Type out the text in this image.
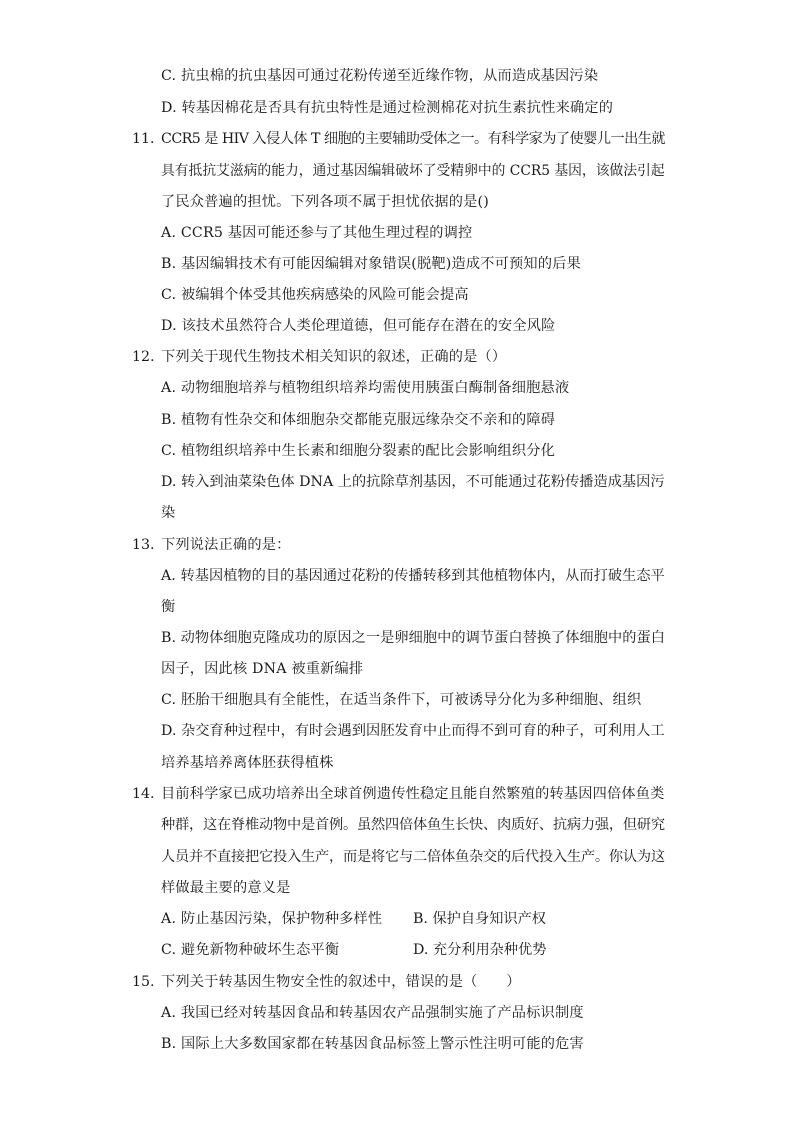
C. 抗虫棉的抗虫基因可通过花粉传递至近缘作物，从而造成基因污染
D. 转基因棉花是否具有抗虫特性是通过检测棉花对抗生素抗性来确定的
11. CCR5 是 HIV 入侵人体 T 细胞的主要辅助受体之一。有科学家为了使婴儿一出生就
具有抵抗艾滋病的能力，通过基因编辑破坏了受精卵中的 CCR5 基因，该做法引起
了民众普遍的担忧。下列各项不属于担忧依据的是()
A. CCR5 基因可能还参与了其他生理过程的调控
B. 基因编辑技术有可能因编辑对象错误(脱靶)造成不可预知的后果
C. 被编辑个体受其他疾病感染的风险可能会提高
D. 该技术虽然符合人类伦理道德，但可能存在潜在的安全风险
12. 下列关于现代生物技术相关知识的叙述，正确的是（）
A. 动物细胞培养与植物组织培养均需使用胰蛋白酶制备细胞悬液
B. 植物有性杂交和体细胞杂交都能克服远缘杂交不亲和的障碍
C. 植物组织培养中生长素和细胞分裂素的配比会影响组织分化
D. 转入到油菜染色体 DNA 上的抗除草剂基因，不可能通过花粉传播造成基因污
染
13. 下列说法正确的是：
A. 转基因植物的目的基因通过花粉的传播转移到其他植物体内，从而打破生态平
衡
B. 动物体细胞克隆成功的原因之一是卵细胞中的调节蛋白替换了体细胞中的蛋白
因子，因此核 DNA 被重新编排
C. 胚胎干细胞具有全能性，在适当条件下，可被诱导分化为多种细胞、组织
D. 杂交育种过程中，有时会遇到因胚发育中止而得不到可育的种子，可利用人工
培养基培养离体胚获得植株
14. 目前科学家已成功培养出全球首例遗传性稳定且能自然繁殖的转基因四倍体鱼类
种群，这在脊椎动物中是首例。虽然四倍体鱼生长快、肉质好、抗病力强，但研究
人员并不直接把它投入生产，而是将它与二倍体鱼杂交的后代投入生产。你认为这
样做最主要的意义是
A. 防止基因污染，保护物种多样性 B. 保护自身知识产权
C. 避免新物种破坏生态平衡	D. 充分利用杂种优势
15. 下列关于转基因生物安全性的叙述中，错误的是（　　）
A. 我国已经对转基因食品和转基因农产品强制实施了产品标识制度
B. 国际上大多数国家都在转基因食品标签上警示性注明可能的危害
